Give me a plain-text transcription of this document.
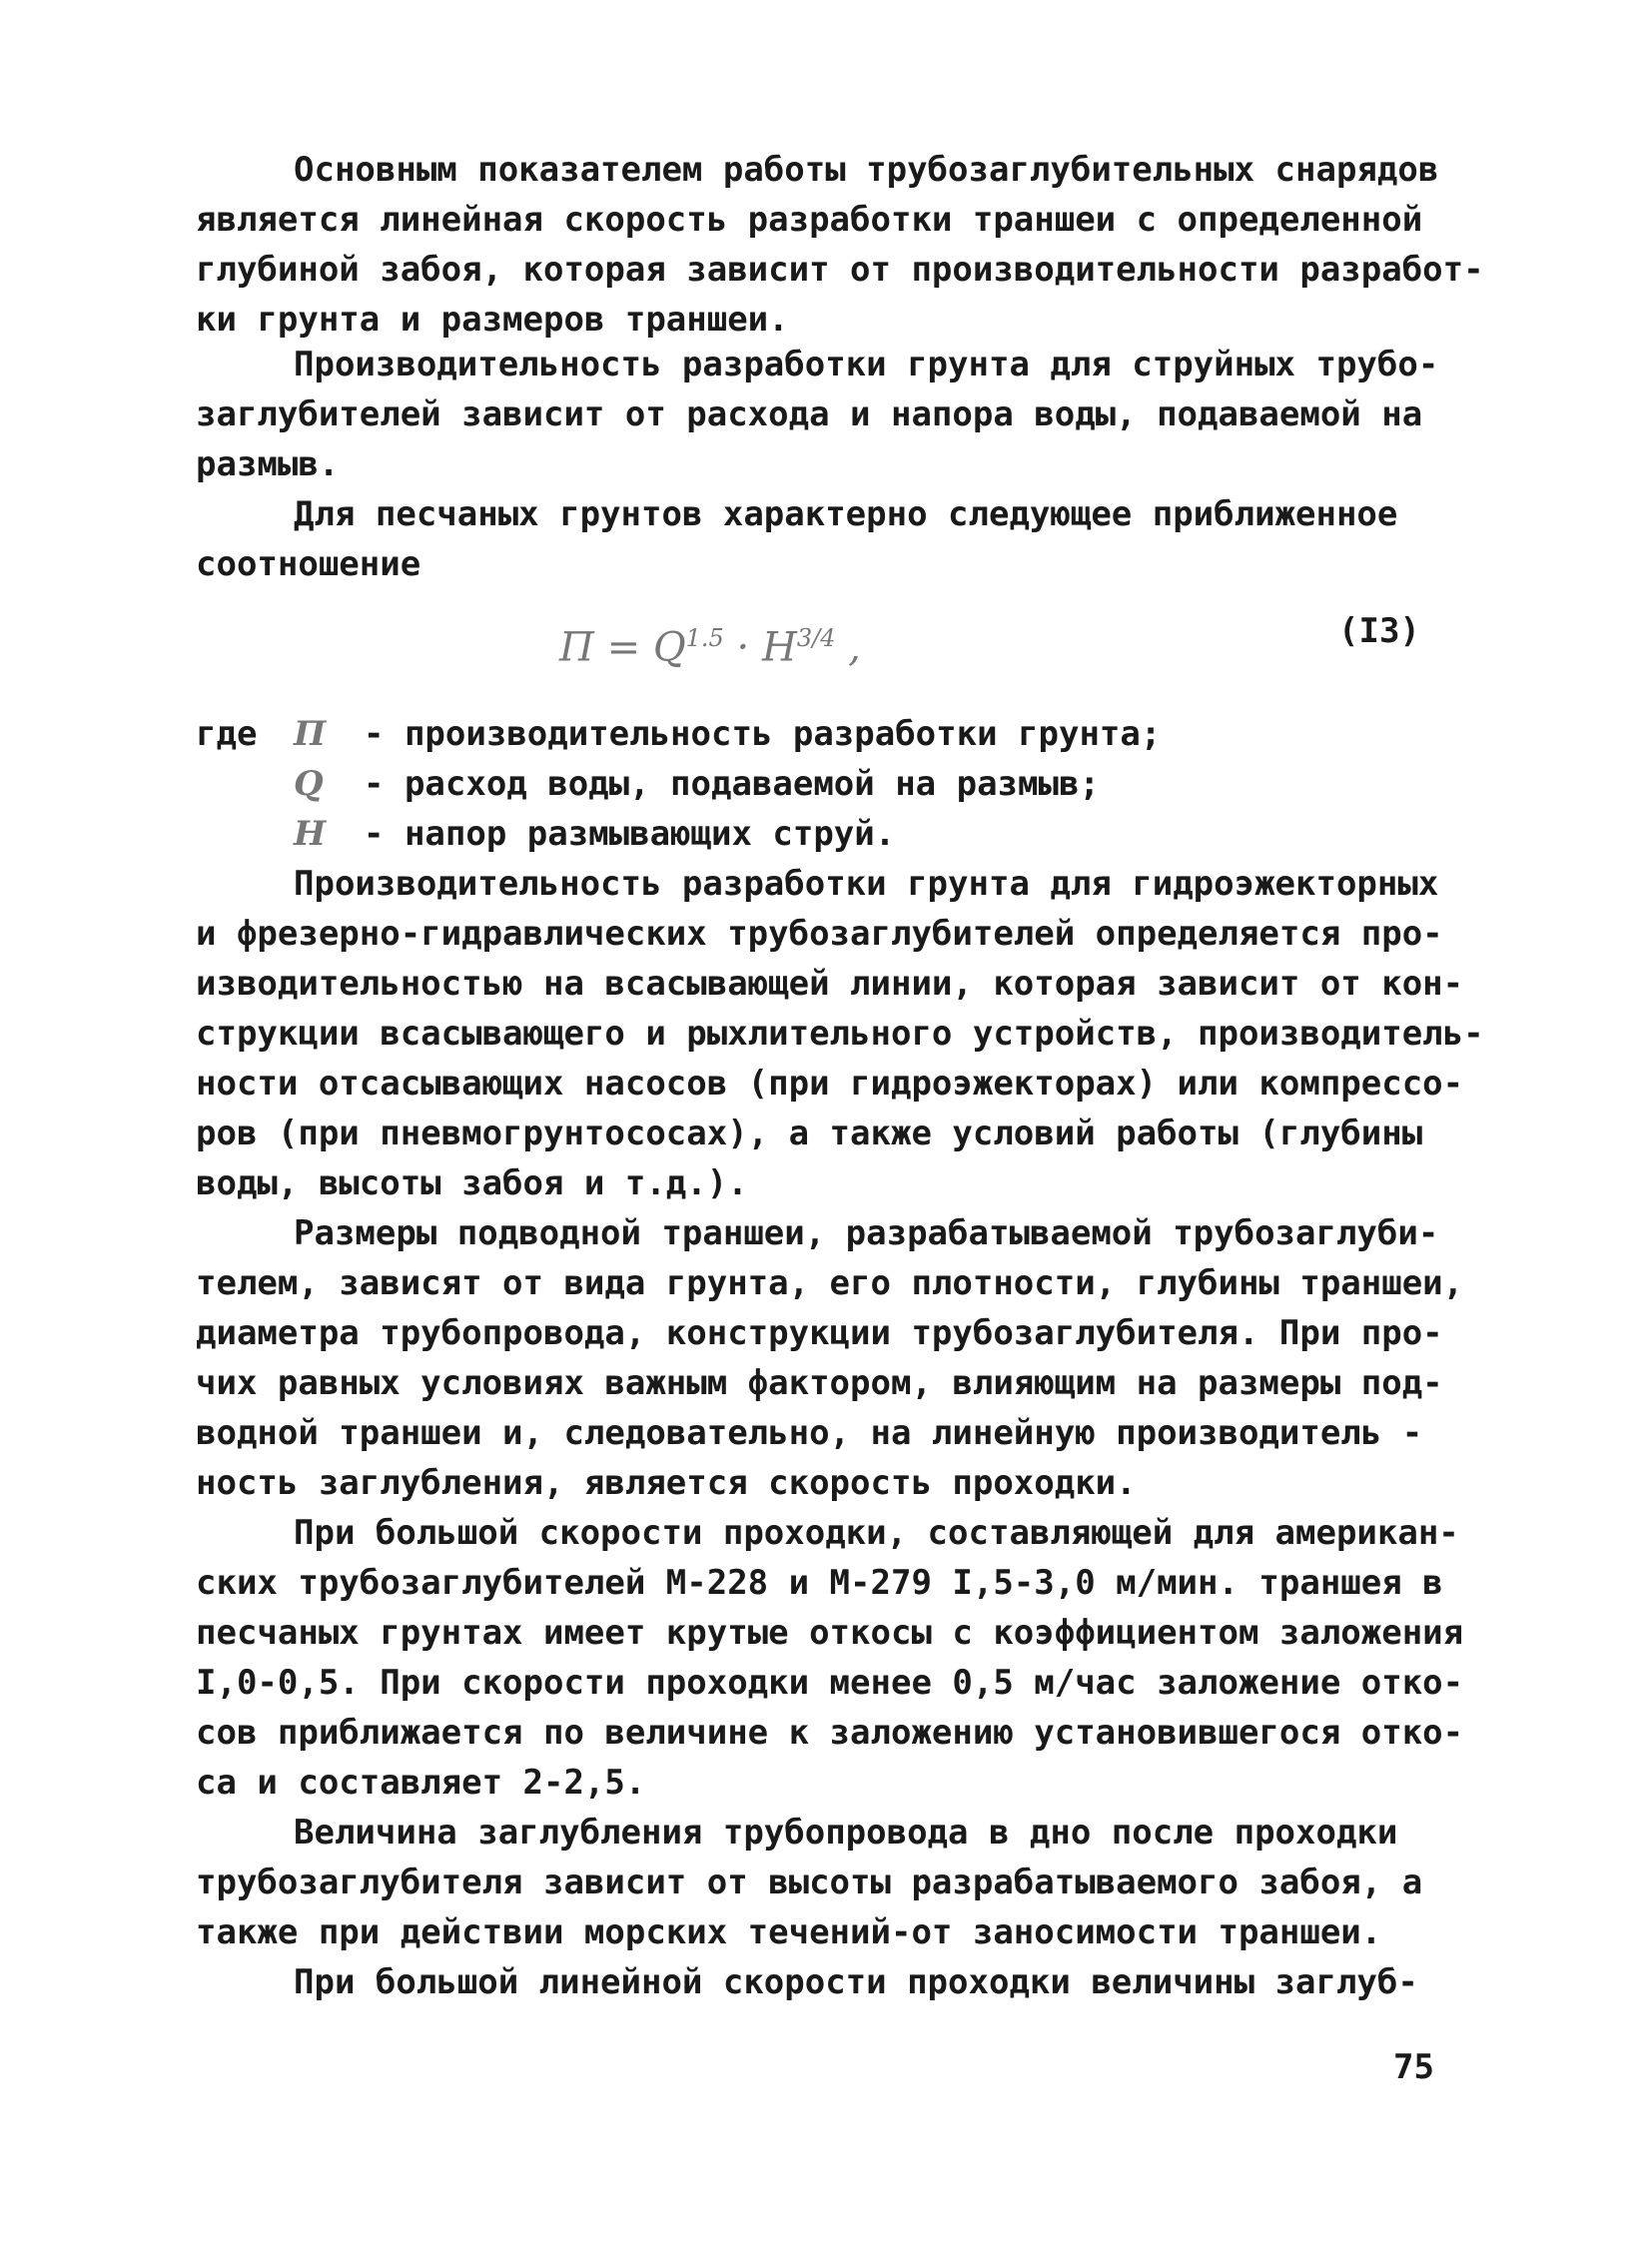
Основным показателем работы трубозаглубительных снарядов
является линейная скорость разработки траншеи с определенной
глубиной забоя, которая зависит от производительности разработ-
ки грунта и размеров траншеи.
Производительность разработки грунта для струйных трубо-
заглубителей зависит от расхода и напора воды, подаваемой на
размыв.
Для песчаных грунтов характерно следующее приближенное
соотношение
$П = Q^{1.5} \cdot H^{3/4}$ ,	(I3)
где П - производительность разработки грунта;
Q - расход воды, подаваемой на размыв;
H - напор размывающих струй.
Производительность разработки грунта для гидроэжекторных
и фрезерно-гидравлических трубозаглубителей определяется про-
изводительностью на всасывающей линии, которая зависит от кон-
струкции всасывающего и рыхлительного устройств, производитель-
ности отсасывающих насосов (при гидроэжекторах) или компрессо-
ров (при пневмогрунтососах), а также условий работы (глубины
воды, высоты забоя и т.д.).
Размеры подводной траншеи, разрабатываемой трубозаглуби-
телем, зависят от вида грунта, его плотности, глубины траншеи,
диаметра трубопровода, конструкции трубозаглубителя. При про-
чих равных условиях важным фактором, влияющим на размеры под-
водной траншеи и, следовательно, на линейную производитель -
ность заглубления, является скорость проходки.
При большой скорости проходки, составляющей для американ-
ских трубозаглубителей М-228 и М-279 I,5-3,0 м/мин. траншея в
песчаных грунтах имеет крутые откосы с коэффициентом заложения
I,0-0,5. При скорости проходки менее 0,5 м/час заложение отко-
сов приближается по величине к заложению установившегося отко-
са и составляет 2-2,5.
Величина заглубления трубопровода в дно после проходки
трубозаглубителя зависит от высоты разрабатываемого забоя, а
также при действии морских течений-от заносимости траншеи.
При большой линейной скорости проходки величины заглуб-
75
